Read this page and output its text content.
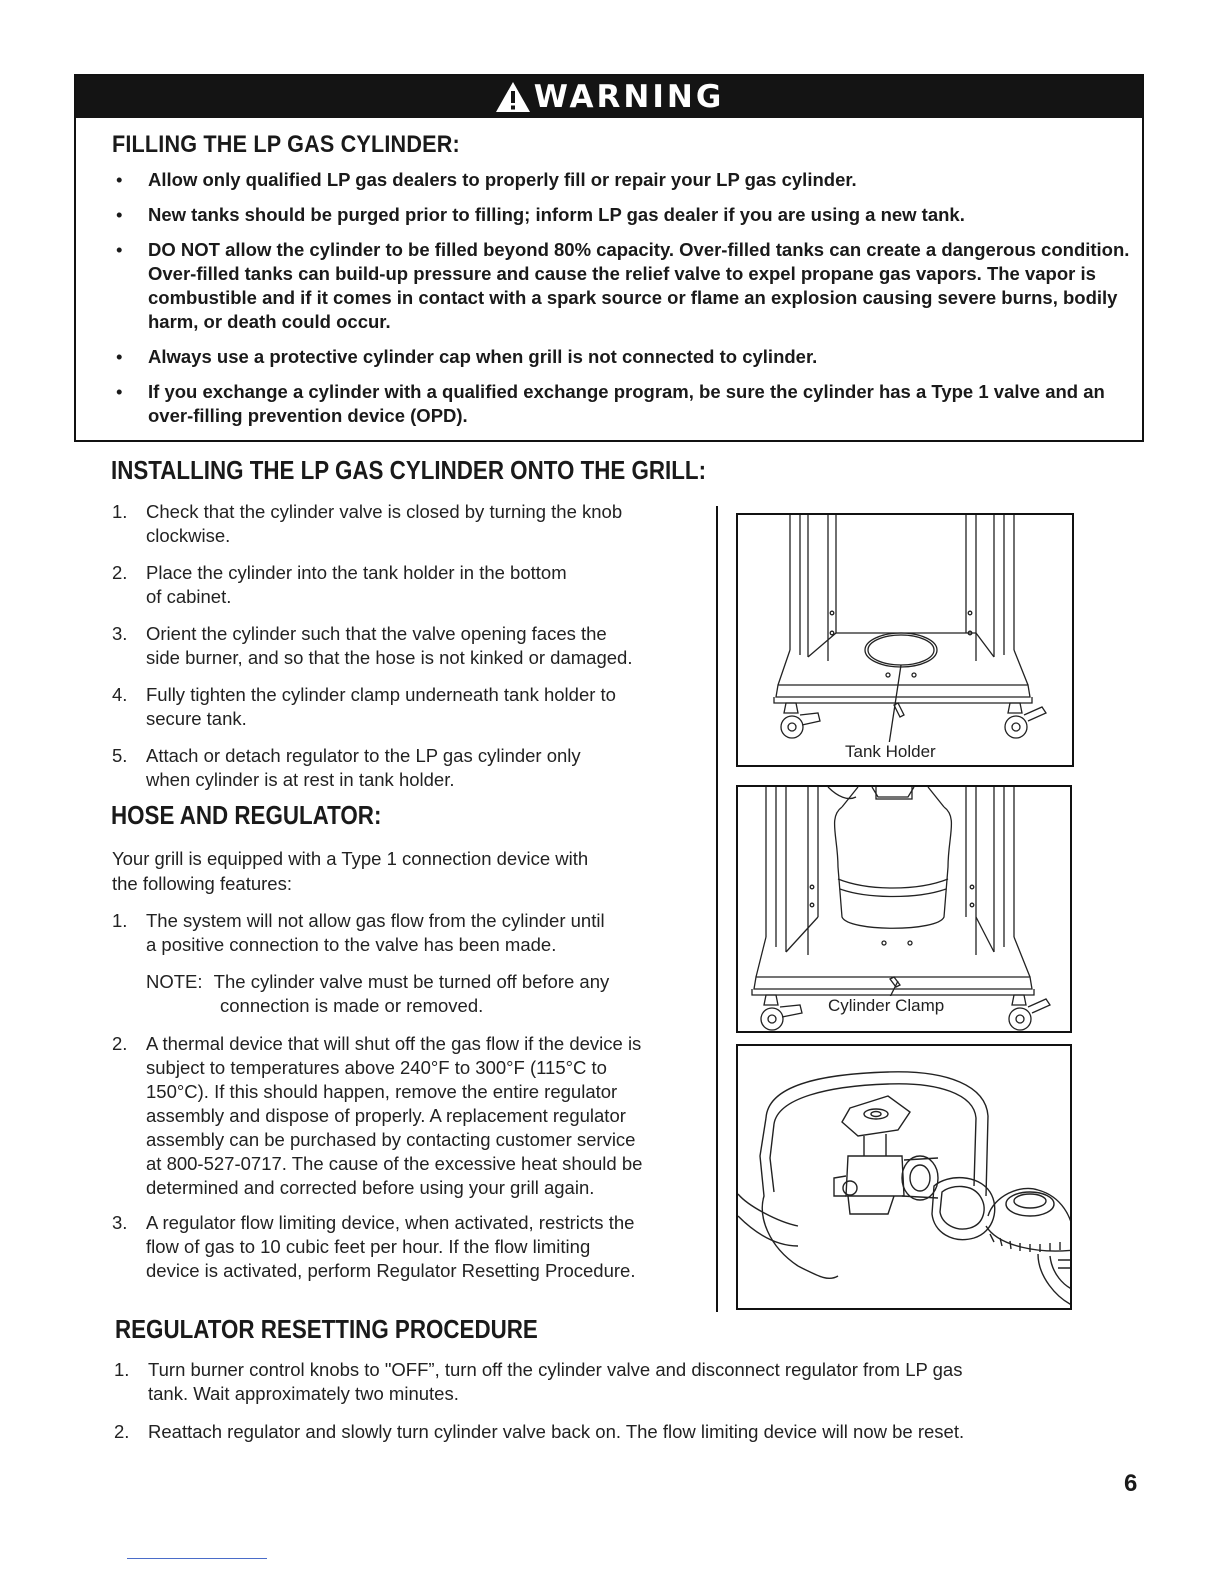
WARNING
FILLING THE LP GAS CYLINDER:
• Allow only qualified LP gas dealers to properly fill or repair your LP gas cylinder.
• New tanks should be purged prior to filling; inform LP gas dealer if you are using a new tank.
• DO NOT allow the cylinder to be filled beyond 80% capacity. Over-filled tanks can create a dangerous condition. Over-filled tanks can build-up pressure and cause the relief valve to expel propane gas vapors. The vapor is combustible and if it comes in contact with a spark source or flame an explosion causing severe burns, bodily harm, or death could occur.
• Always use a protective cylinder cap when grill is not connected to cylinder.
• If you exchange a cylinder with a qualified exchange program, be sure the cylinder has a Type 1 valve and an over-filling prevention device (OPD).
INSTALLING THE LP GAS CYLINDER ONTO THE GRILL:
1. Check that the cylinder valve is closed by turning the knob
clockwise.
2. Place the cylinder into the tank holder in the bottom
of cabinet.
3. Orient the cylinder such that the valve opening faces the
side burner, and so that the hose is not kinked or damaged.
4. Fully tighten the cylinder clamp underneath tank holder to
secure tank.
5. Attach or detach regulator to the LP gas cylinder only
when cylinder is at rest in tank holder.
HOSE AND REGULATOR:

Your grill is equipped with a Type 1 connection device with
the following features:

1. The system will not allow gas flow from the cylinder until
a positive connection to the valve has been made.
NOTE: The cylinder valve must be turned off before any
connection is made or removed.
2. A thermal device that will shut off the gas flow if the device is
subject to temperatures above 240°F to 300°F (115°C to
150°C). If this should happen, remove the entire regulator
assembly and dispose of properly. A replacement regulator
assembly can be purchased by contacting customer service
at 800-527-0717. The cause of the excessive heat should be
determined and corrected before using your grill again.
3. A regulator flow limiting device, when activated, restricts the
flow of gas to 10 cubic feet per hour. If the flow limiting
device is activated, perform Regulator Resetting Procedure.
Tank Holder
Cylinder Clamp
REGULATOR RESETTING PROCEDURE
1. Turn burner control knobs to "OFF”, turn off the cylinder valve and disconnect regulator from LP gas
tank. Wait approximately two minutes.
2. Reattach regulator and slowly turn cylinder valve back on. The flow limiting device will now be reset.
6
